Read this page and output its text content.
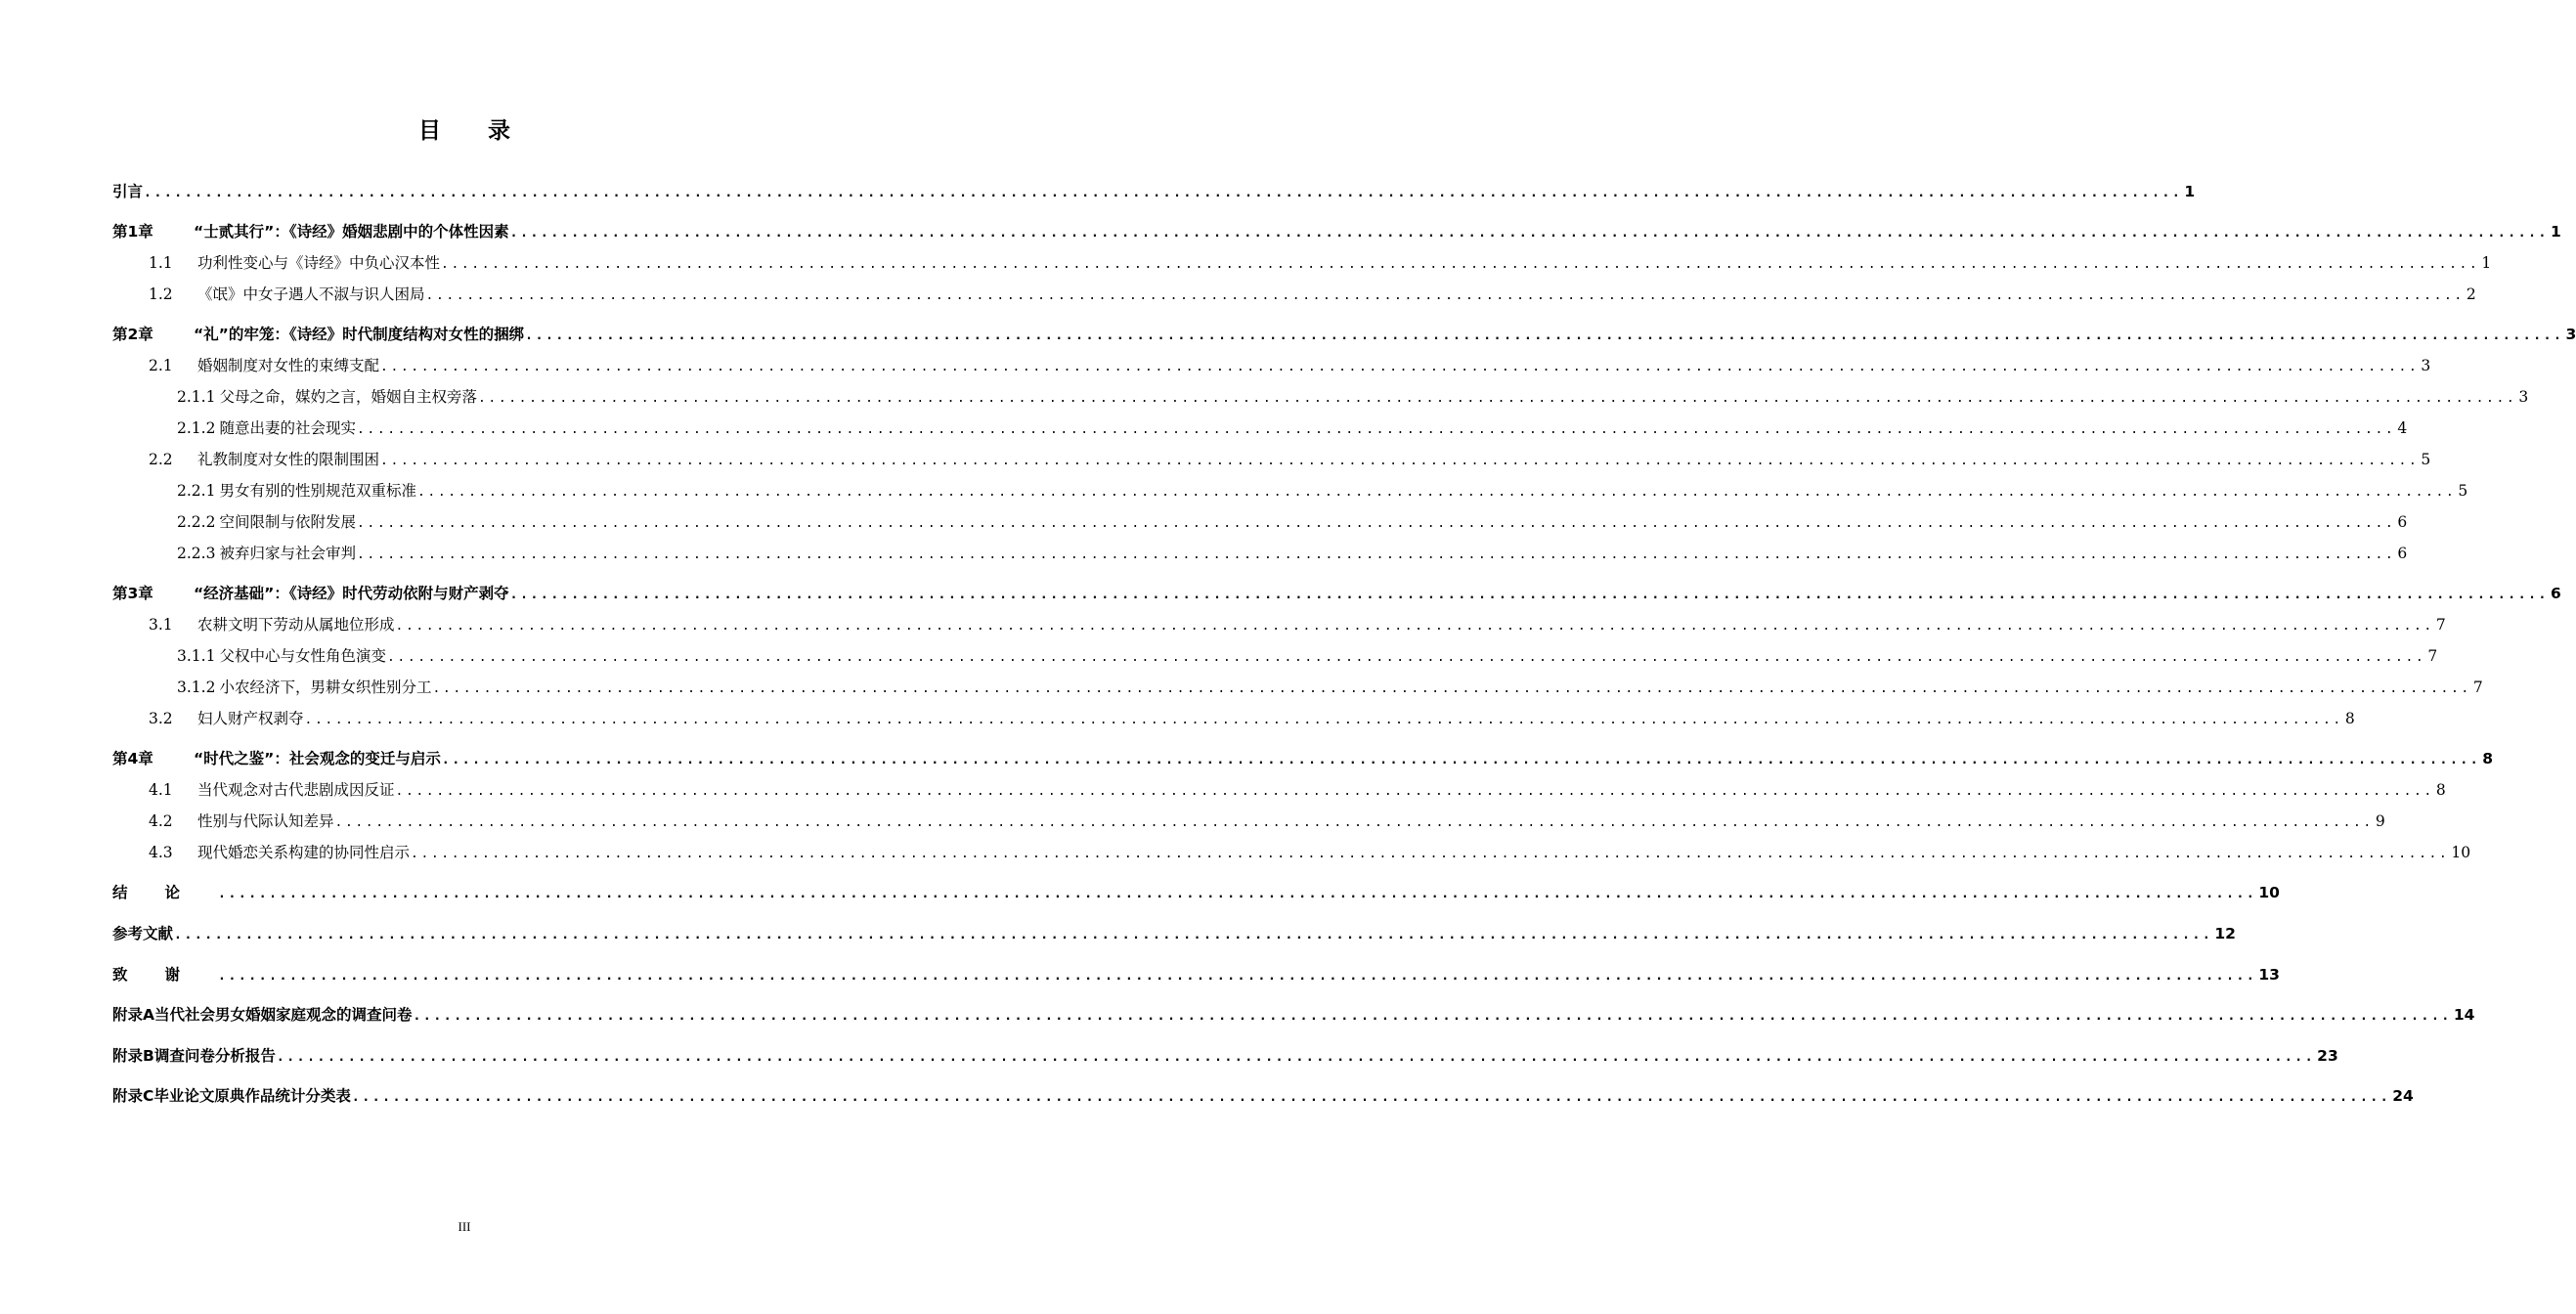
目 录
引言 ........................................................................................................................................................................................................ 1
第1章	“士贰其行”：《诗经》婚姻悲剧中的个体性因素 ........................................................................................................................................................................................................ 1
1.1 功利性变心与《诗经》中负心汉本性 ........................................................................................................................................................................................................ 1
1.2 《氓》中女子遇人不淑与识人困局 ........................................................................................................................................................................................................ 2
第2章	“礼”的牢笼：《诗经》时代制度结构对女性的捆绑 ........................................................................................................................................................................................................ 3
2.1 婚姻制度对女性的束缚支配 ........................................................................................................................................................................................................ 3
2.1.1 父母之命，媒妁之言，婚姻自主权旁落 ........................................................................................................................................................................................................ 3
2.1.2 随意出妻的社会现实 ........................................................................................................................................................................................................ 4
2.2 礼教制度对女性的限制围困 ........................................................................................................................................................................................................ 5
2.2.1 男女有别的性别规范双重标准 ........................................................................................................................................................................................................ 5
2.2.2 空间限制与依附发展 ........................................................................................................................................................................................................ 6
2.2.3 被弃归家与社会审判 ........................................................................................................................................................................................................ 6
第3章	“经济基础”：《诗经》时代劳动依附与财产剥夺 ........................................................................................................................................................................................................ 6
3.1 农耕文明下劳动从属地位形成 ........................................................................................................................................................................................................ 7
3.1.1 父权中心与女性角色演变 ........................................................................................................................................................................................................ 7
3.1.2 小农经济下，男耕女织性别分工 ........................................................................................................................................................................................................ 7
3.2 妇人财产权剥夺 ........................................................................................................................................................................................................ 8
第4章	“时代之鉴”：社会观念的变迁与启示 ........................................................................................................................................................................................................ 8
4.1 当代观念对古代悲剧成因反证 ........................................................................................................................................................................................................ 8
4.2 性别与代际认知差异 ........................................................................................................................................................................................................ 9
4.3 现代婚恋关系构建的协同性启示 ........................................................................................................................................................................................................ 10
结论 ........................................................................................................................................................................................................ 10
参考文献 ........................................................................................................................................................................................................ 12
致谢 ........................................................................................................................................................................................................ 13
附录A当代社会男女婚姻家庭观念的调查问卷 ........................................................................................................................................................................................................ 14
附录B调查问卷分析报告 ........................................................................................................................................................................................................ 23
附录C毕业论文原典作品统计分类表 ........................................................................................................................................................................................................ 24
III
